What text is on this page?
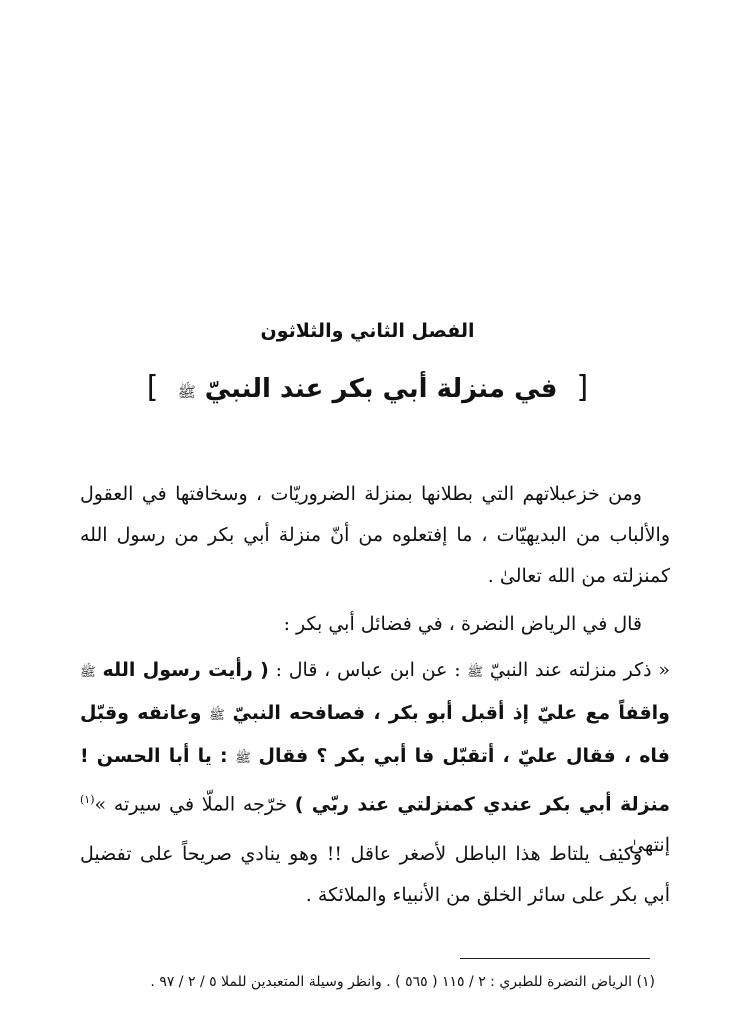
الفصل الثاني والثلاثون
[ في منزلة أبي بكر عند النبيّ ﷺ ]
ومن خزعبلاتهم التي بطلانها بمنزلة الضروريّات ، وسخافتها في العقول والألباب من البديهيّات ، ما إفتعلوه من أنّ منزلة أبي بكر من رسول الله كمنزلته من الله تعالىٰ .
قال في الرياض النضرة ، في فضائل أبي بكر :
« ذكر منزلته عند النبيّ ﷺ : عن ابن عباس ، قال : ( رأيت رسول الله ﷺ واقفاً مع عليّ إذ أقبل أبو بكر ، فصافحه النبيّ ﷺ وعانقه وقبّل فاه ، فقال عليّ ، أتقبّل فا أبي بكر ؟ فقال ﷺ : يا أبا الحسن ! منزلة أبي بكر عندي كمنزلتي عند ربّي ) خرّجه الملّا في سيرته »$^{(١)}$ إنتهىٰ .
وكيف يلتاط هذا الباطل لأصغر عاقل !! وهو ينادي صريحاً على تفضيل أبي بكر على سائر الخلق من الأنبياء والملائكة .
(١) الرياض النضرة للطبري : ٢ / ١١٥ ( ٥٦٥ ) . وانظر وسيلة المتعبدين للملا ٥ / ٢ / ٩٧ .
